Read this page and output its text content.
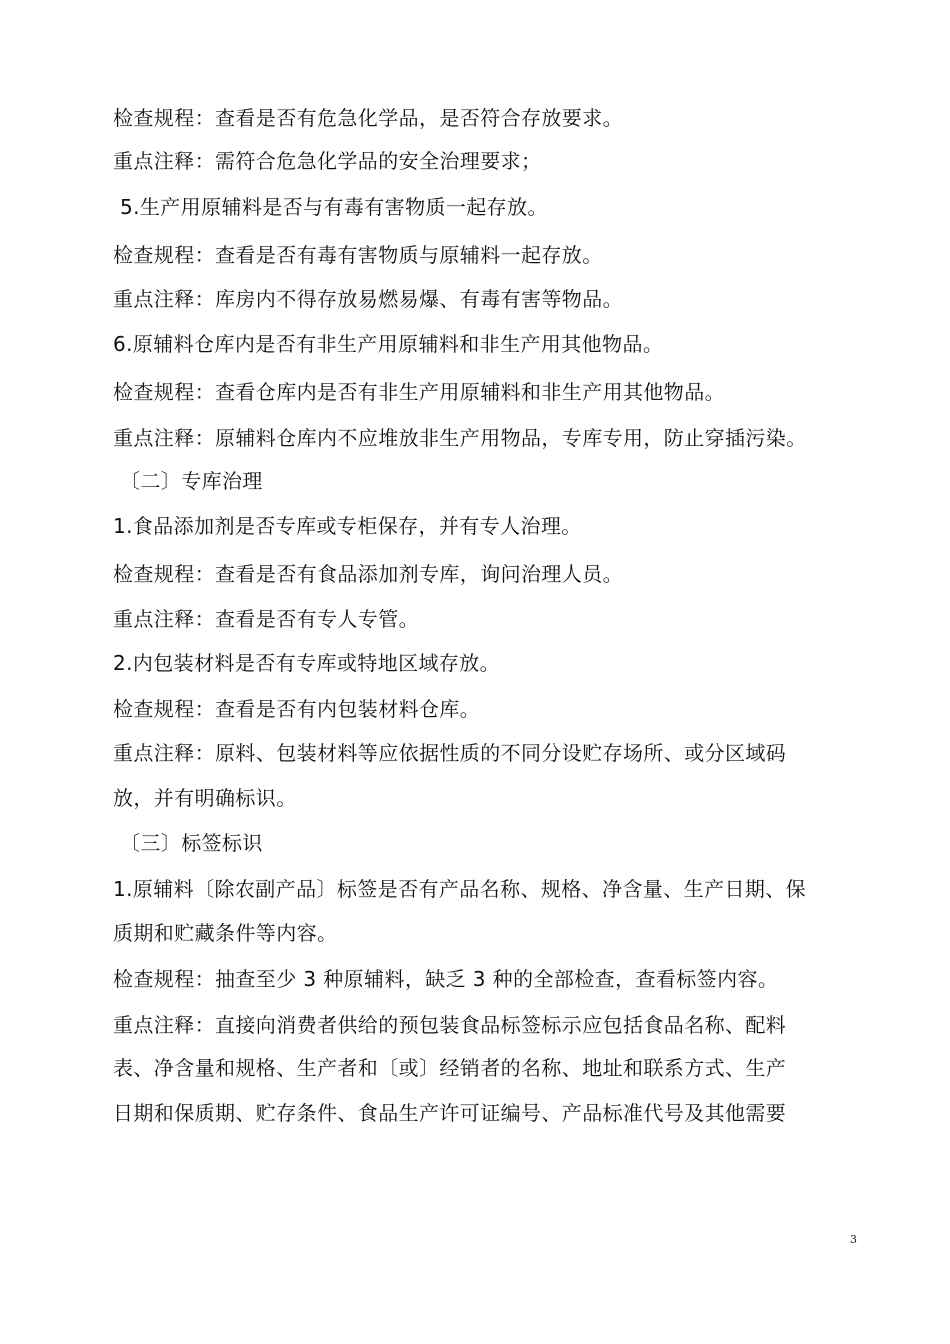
检查规程：查看是否有危急化学品，是否符合存放要求。
重点注释：需符合危急化学品的安全治理要求；
5.生产用原辅料是否与有毒有害物质一起存放。
检查规程：查看是否有毒有害物质与原辅料一起存放。
重点注释：库房内不得存放易燃易爆、有毒有害等物品。
6.原辅料仓库内是否有非生产用原辅料和非生产用其他物品。
检查规程：查看仓库内是否有非生产用原辅料和非生产用其他物品。
重点注释：原辅料仓库内不应堆放非生产用物品，专库专用，防止穿插污染。
〔二〕专库治理
1.食品添加剂是否专库或专柜保存，并有专人治理。
检查规程：查看是否有食品添加剂专库，询问治理人员。
重点注释：查看是否有专人专管。
2.内包装材料是否有专库或特地区域存放。
检查规程：查看是否有内包装材料仓库。
重点注释：原料、包装材料等应依据性质的不同分设贮存场所、或分区域码
放，并有明确标识。
〔三〕标签标识
1.原辅料〔除农副产品〕标签是否有产品名称、规格、净含量、生产日期、保
质期和贮藏条件等内容。
检查规程：抽查至少 3 种原辅料，缺乏 3 种的全部检查，查看标签内容。
重点注释：直接向消费者供给的预包装食品标签标示应包括食品名称、配料
表、净含量和规格、生产者和〔或〕经销者的名称、地址和联系方式、生产
日期和保质期、贮存条件、食品生产许可证编号、产品标准代号及其他需要
3
